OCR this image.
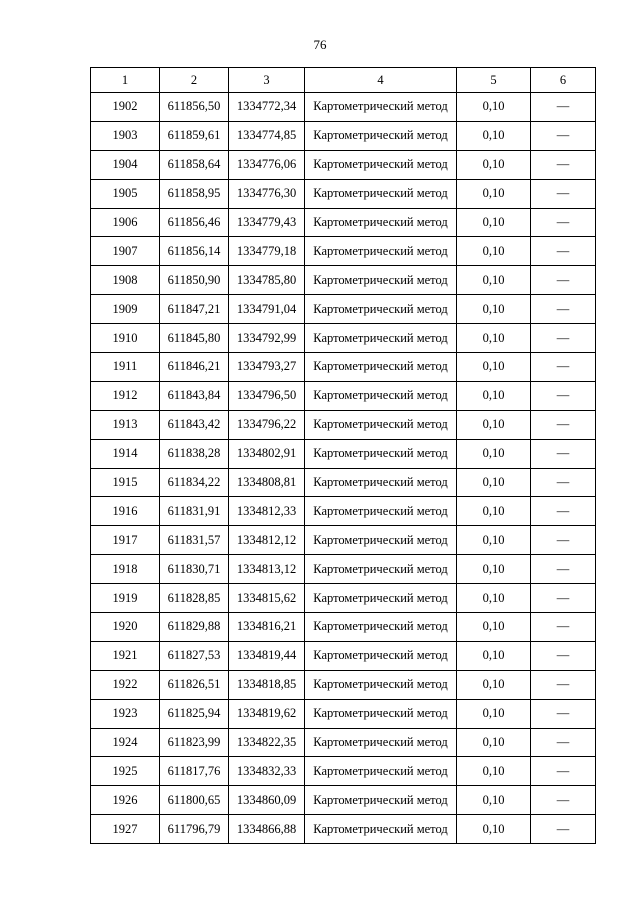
76
1	2	3	4	5	6
1902	611856,50	1334772,34	Картометрический метод	0,10	—
1903	611859,61	1334774,85	Картометрический метод	0,10	—
1904	611858,64	1334776,06	Картометрический метод	0,10	—
1905	611858,95	1334776,30	Картометрический метод	0,10	—
1906	611856,46	1334779,43	Картометрический метод	0,10	—
1907	611856,14	1334779,18	Картометрический метод	0,10	—
1908	611850,90	1334785,80	Картометрический метод	0,10	—
1909	611847,21	1334791,04	Картометрический метод	0,10	—
1910	611845,80	1334792,99	Картометрический метод	0,10	—
1911	611846,21	1334793,27	Картометрический метод	0,10	—
1912	611843,84	1334796,50	Картометрический метод	0,10	—
1913	611843,42	1334796,22	Картометрический метод	0,10	—
1914	611838,28	1334802,91	Картометрический метод	0,10	—
1915	611834,22	1334808,81	Картометрический метод	0,10	—
1916	611831,91	1334812,33	Картометрический метод	0,10	—
1917	611831,57	1334812,12	Картометрический метод	0,10	—
1918	611830,71	1334813,12	Картометрический метод	0,10	—
1919	611828,85	1334815,62	Картометрический метод	0,10	—
1920	611829,88	1334816,21	Картометрический метод	0,10	—
1921	611827,53	1334819,44	Картометрический метод	0,10	—
1922	611826,51	1334818,85	Картометрический метод	0,10	—
1923	611825,94	1334819,62	Картометрический метод	0,10	—
1924	611823,99	1334822,35	Картометрический метод	0,10	—
1925	611817,76	1334832,33	Картометрический метод	0,10	—
1926	611800,65	1334860,09	Картометрический метод	0,10	—
1927	611796,79	1334866,88	Картометрический метод	0,10	—
